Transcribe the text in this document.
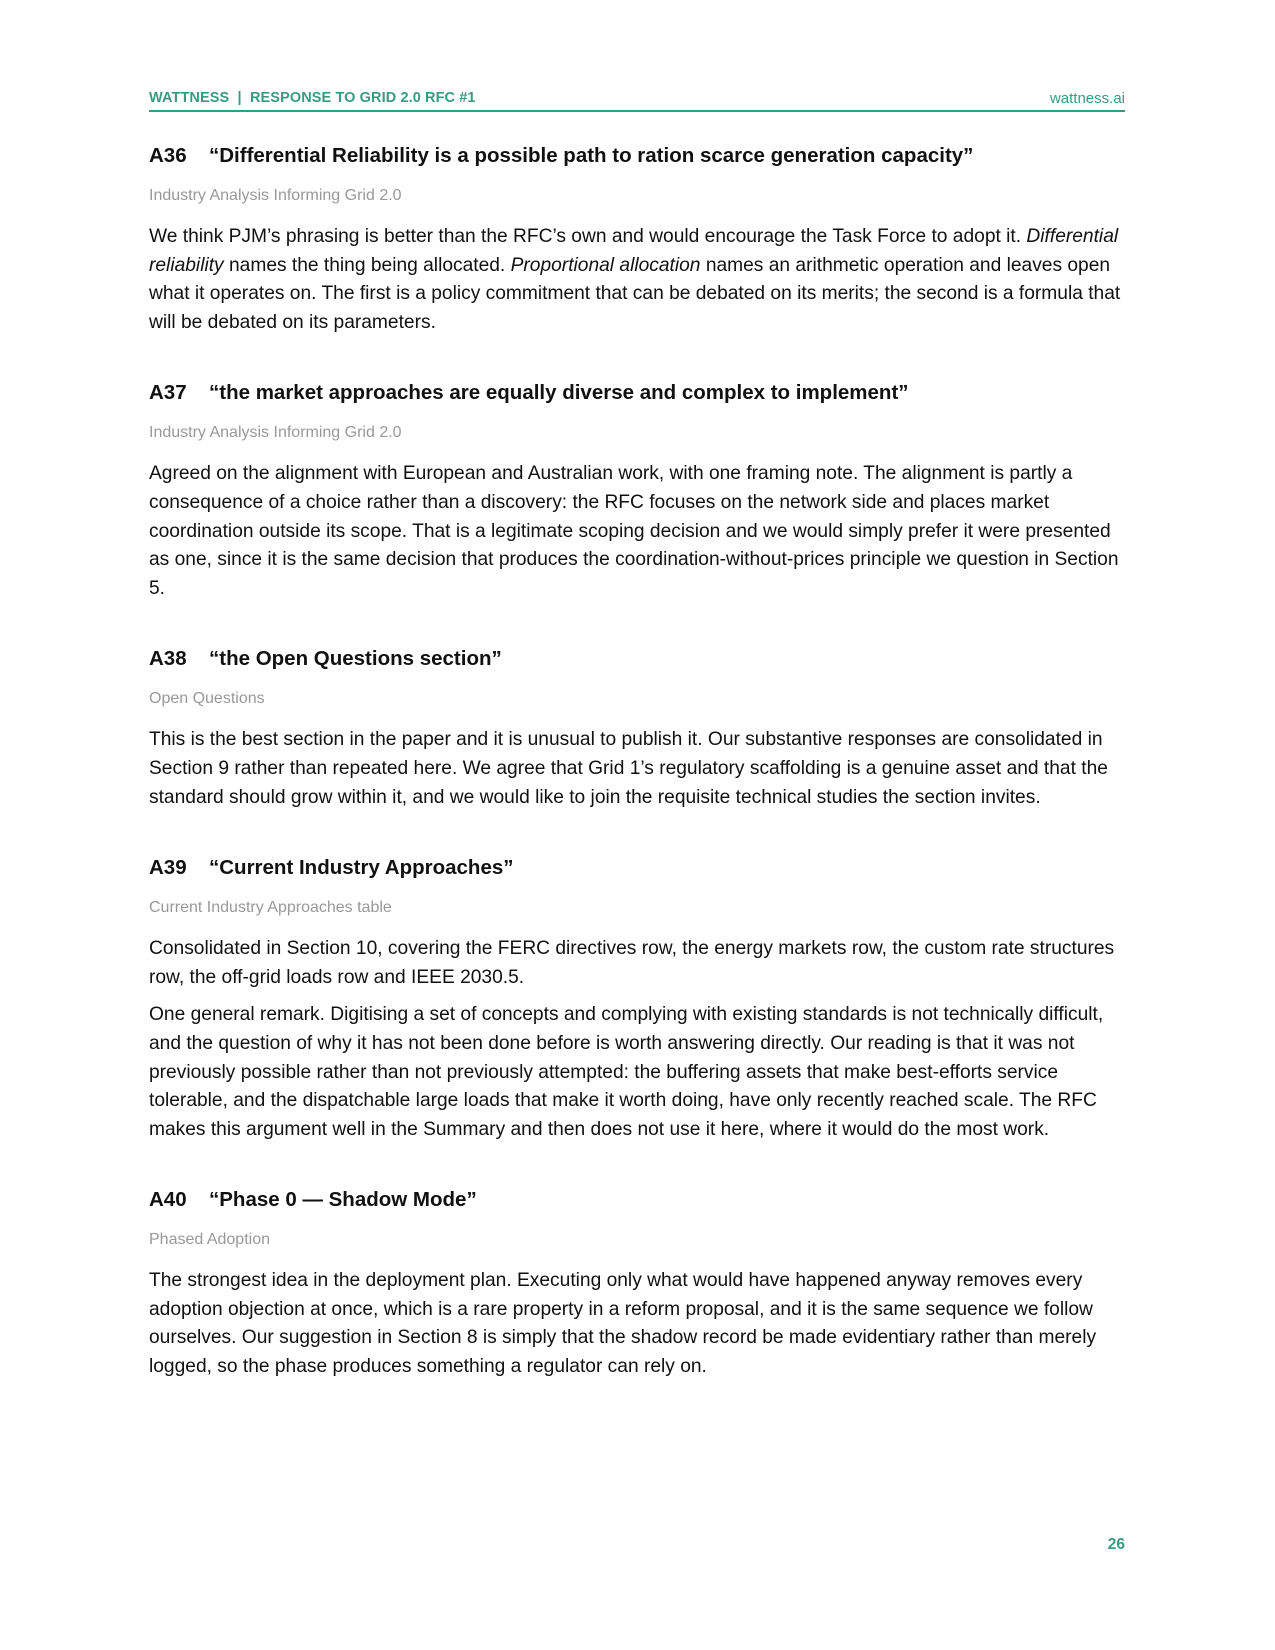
WATTNESS  |  RESPONSE TO GRID 2.0 RFC #1	wattness.ai
A36 “Differential Reliability is a possible path to ration scarce generation capacity”
Industry Analysis Informing Grid 2.0

We think PJM’s phrasing is better than the RFC’s own and would encourage the Task Force to adopt it. Differential reliability names the thing being allocated. Proportional allocation names an arithmetic operation and leaves open what it operates on. The first is a policy commitment that can be debated on its merits; the second is a formula that will be debated on its parameters.

A37 “the market approaches are equally diverse and complex to implement”
Industry Analysis Informing Grid 2.0

Agreed on the alignment with European and Australian work, with one framing note. The alignment is partly a consequence of a choice rather than a discovery: the RFC focuses on the network side and places market coordination outside its scope. That is a legitimate scoping decision and we would simply prefer it were presented as one, since it is the same decision that produces the coordination-without-prices principle we question in Section 5.

A38 “the Open Questions section”
Open Questions

This is the best section in the paper and it is unusual to publish it. Our substantive responses are consolidated in Section 9 rather than repeated here. We agree that Grid 1’s regulatory scaffolding is a genuine asset and that the standard should grow within it, and we would like to join the requisite technical studies the section invites.

A39 “Current Industry Approaches”
Current Industry Approaches table

Consolidated in Section 10, covering the FERC directives row, the energy markets row, the custom rate structures row, the off-grid loads row and IEEE 2030.5.

One general remark. Digitising a set of concepts and complying with existing standards is not technically difficult, and the question of why it has not been done before is worth answering directly. Our reading is that it was not previously possible rather than not previously attempted: the buffering assets that make best-efforts service tolerable, and the dispatchable large loads that make it worth doing, have only recently reached scale. The RFC makes this argument well in the Summary and then does not use it here, where it would do the most work.

A40 “Phase 0 — Shadow Mode”
Phased Adoption

The strongest idea in the deployment plan. Executing only what would have happened anyway removes every adoption objection at once, which is a rare property in a reform proposal, and it is the same sequence we follow ourselves. Our suggestion in Section 8 is simply that the shadow record be made evidentiary rather than merely logged, so the phase produces something a regulator can rely on.

26
